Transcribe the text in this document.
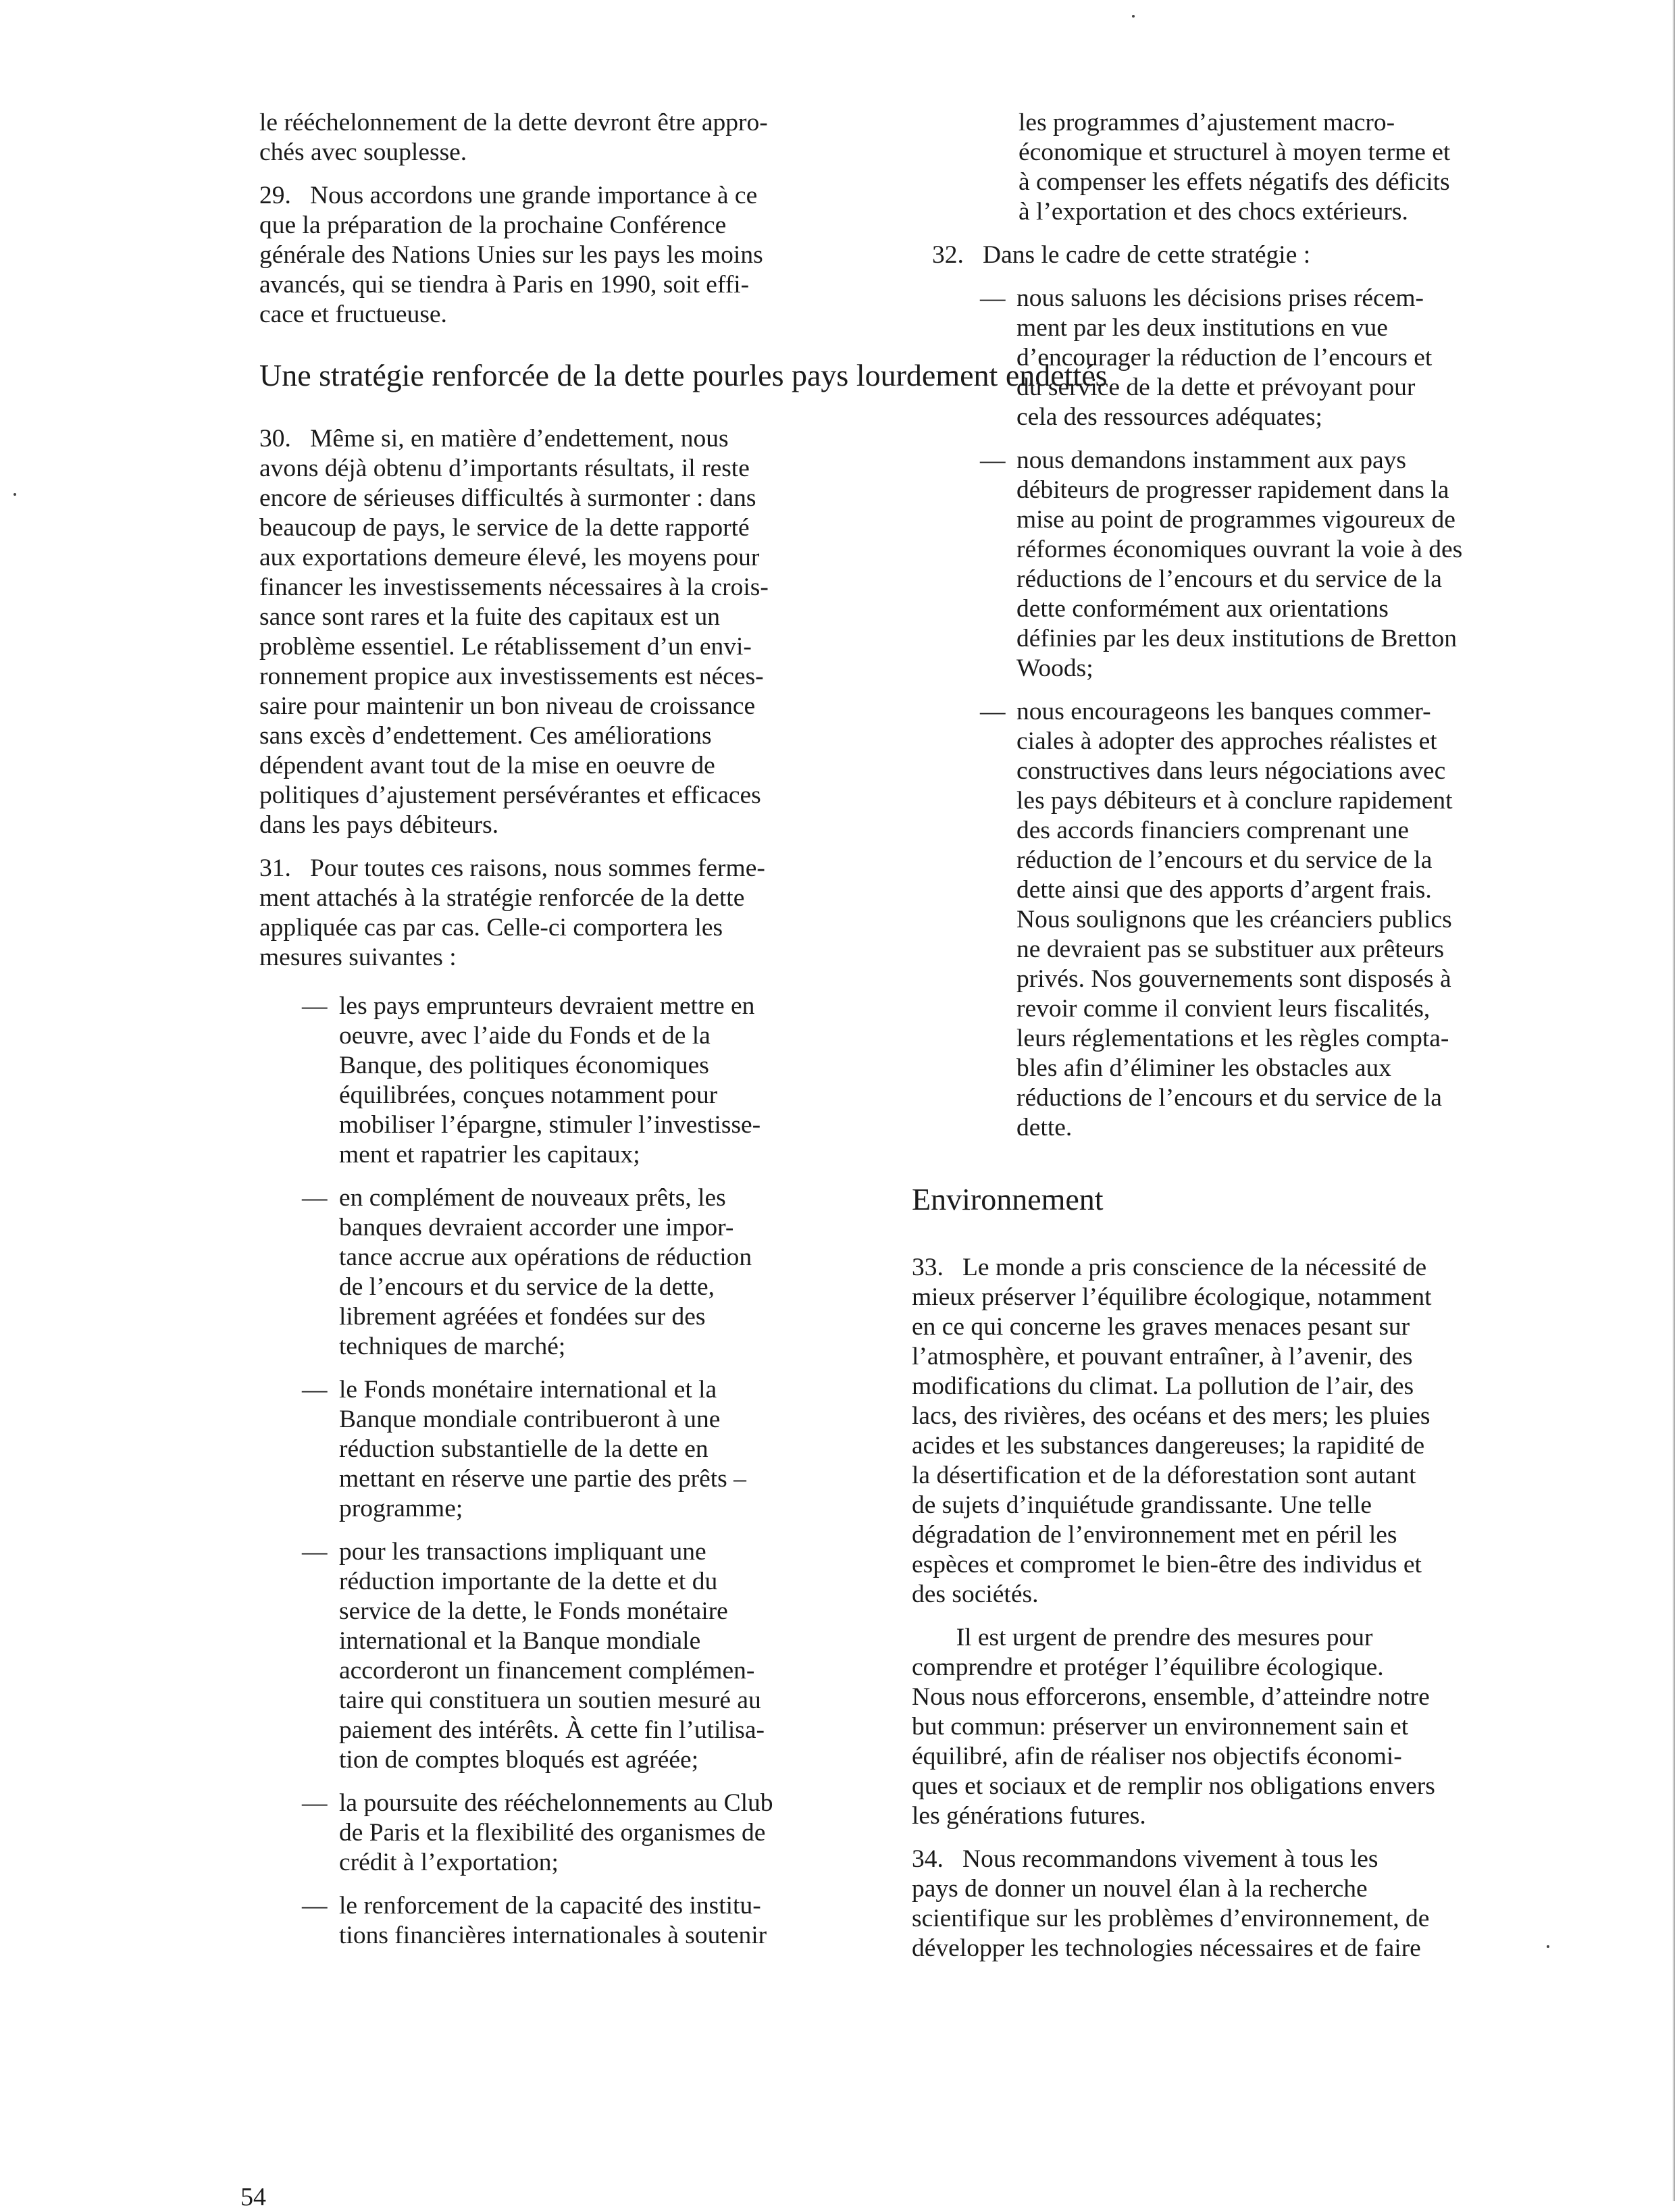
le rééchelonnement de la dette devront être appro-
chés avec souplesse.
29.   Nous accordons une grande importance à ce
que la préparation de la prochaine Conférence
générale des Nations Unies sur les pays les moins
avancés, qui se tiendra à Paris en 1990, soit effi-
cace et fructueuse.
Une stratégie renforcée de la dette pourles pays lourdement endettés
30.   Même si, en matière d’endettement, nous
avons déjà obtenu d’importants résultats, il reste
encore de sérieuses difficultés à surmonter : dans
beaucoup de pays, le service de la dette rapporté
aux exportations demeure élevé, les moyens pour
financer les investissements nécessaires à la crois-
sance sont rares et la fuite des capitaux est un
problème essentiel. Le rétablissement d’un envi-
ronnement propice aux investissements est néces-
saire pour maintenir un bon niveau de croissance
sans excès d’endettement. Ces améliorations
dépendent avant tout de la mise en oeuvre de
politiques d’ajustement persévérantes et efficaces
dans les pays débiteurs.
31.   Pour toutes ces raisons, nous sommes ferme-
ment attachés à la stratégie renforcée de la dette
appliquée cas par cas. Celle-ci comportera les
mesures suivantes :
— les pays emprunteurs devraient mettre en
oeuvre, avec l’aide du Fonds et de la
Banque, des politiques économiques
équilibrées, conçues notamment pour
mobiliser l’épargne, stimuler l’investisse-
ment et rapatrier les capitaux;
— en complément de nouveaux prêts, les
banques devraient accorder une impor-
tance accrue aux opérations de réduction
de l’encours et du service de la dette,
librement agréées et fondées sur des
techniques de marché;
— le Fonds monétaire international et la
Banque mondiale contribueront à une
réduction substantielle de la dette en
mettant en réserve une partie des prêts –
programme;
— pour les transactions impliquant une
réduction importante de la dette et du
service de la dette, le Fonds monétaire
international et la Banque mondiale
accorderont un financement complémen-
taire qui constituera un soutien mesuré au
paiement des intérêts. À cette fin l’utilisa-
tion de comptes bloqués est agréée;
— la poursuite des rééchelonnements au Club
de Paris et la flexibilité des organismes de
crédit à l’exportation;
— le renforcement de la capacité des institu-
tions financières internationales à soutenir
les programmes d’ajustement macro-
économique et structurel à moyen terme et
à compenser les effets négatifs des déficits
à l’exportation et des chocs extérieurs.
32.   Dans le cadre de cette stratégie :
— nous saluons les décisions prises récem-
ment par les deux institutions en vue
d’encourager la réduction de l’encours et
du service de la dette et prévoyant pour
cela des ressources adéquates;
— nous demandons instamment aux pays
débiteurs de progresser rapidement dans la
mise au point de programmes vigoureux de
réformes économiques ouvrant la voie à des
réductions de l’encours et du service de la
dette conformément aux orientations
définies par les deux institutions de Bretton
Woods;
— nous encourageons les banques commer-
ciales à adopter des approches réalistes et
constructives dans leurs négociations avec
les pays débiteurs et à conclure rapidement
des accords financiers comprenant une
réduction de l’encours et du service de la
dette ainsi que des apports d’argent frais.
Nous soulignons que les créanciers publics
ne devraient pas se substituer aux prêteurs
privés. Nos gouvernements sont disposés à
revoir comme il convient leurs fiscalités,
leurs réglementations et les règles compta-
bles afin d’éliminer les obstacles aux
réductions de l’encours et du service de la
dette.
Environnement
33.   Le monde a pris conscience de la nécessité de
mieux préserver l’équilibre écologique, notamment
en ce qui concerne les graves menaces pesant sur
l’atmosphère, et pouvant entraîner, à l’avenir, des
modifications du climat. La pollution de l’air, des
lacs, des rivières, des océans et des mers; les pluies
acides et les substances dangereuses; la rapidité de
la désertification et de la déforestation sont autant
de sujets d’inquiétude grandissante. Une telle
dégradation de l’environnement met en péril les
espèces et compromet le bien-être des individus et
des sociétés.
Il est urgent de prendre des mesures pour
comprendre et protéger l’équilibre écologique.
Nous nous efforcerons, ensemble, d’atteindre notre
but commun: préserver un environnement sain et
équilibré, afin de réaliser nos objectifs économi-
ques et sociaux et de remplir nos obligations envers
les générations futures.
34.   Nous recommandons vivement à tous les
pays de donner un nouvel élan à la recherche
scientifique sur les problèmes d’environnement, de
développer les technologies nécessaires et de faire
54
